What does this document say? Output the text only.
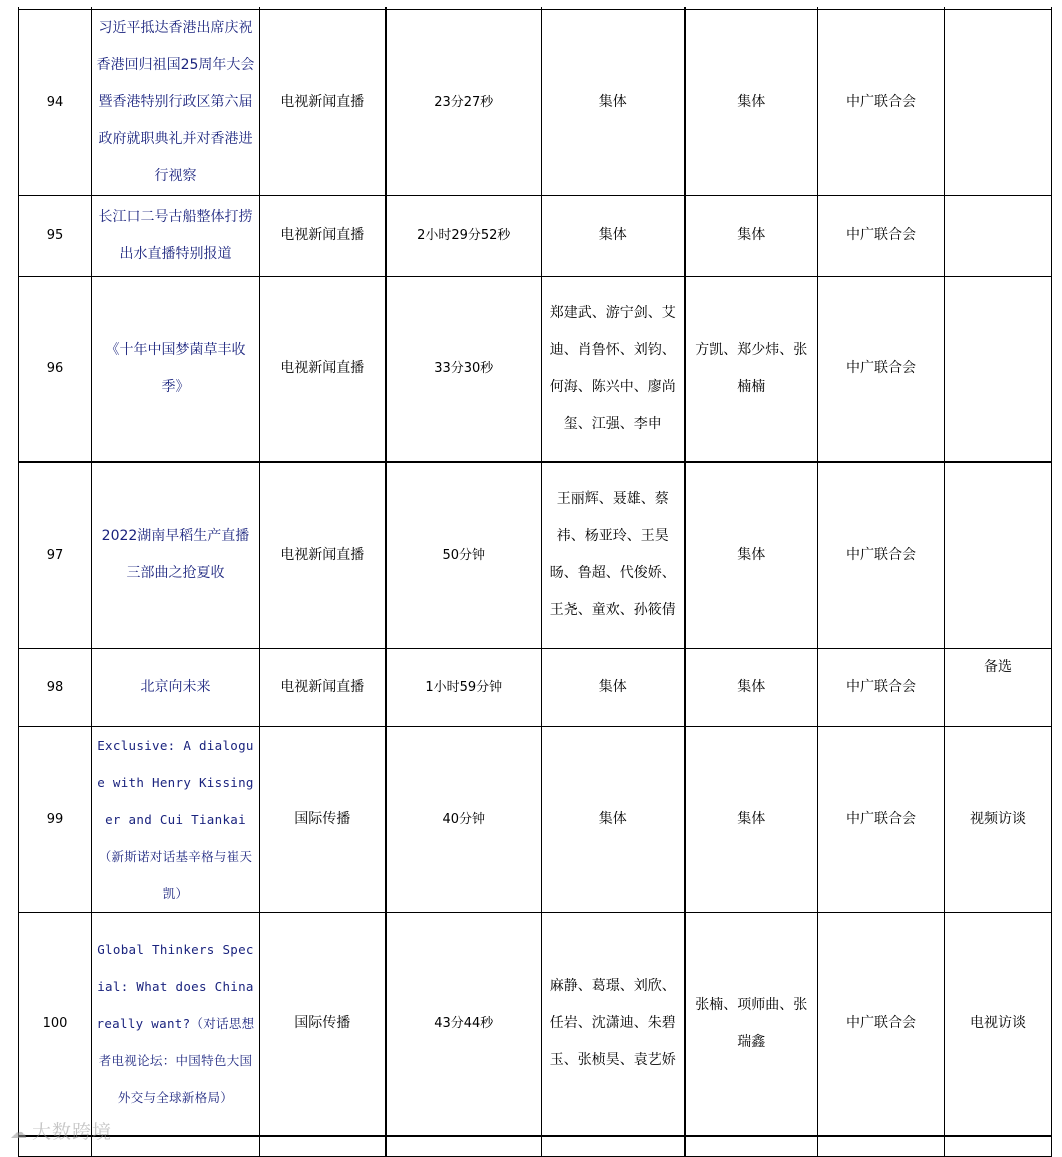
94	习近平抵达香港出席庆祝香港回归祖国25周年大会暨香港特别行政区第六届政府就职典礼并对香港进行视察	电视新闻直播	23分27秒	集体	集体	中广联合会	
95	长江口二号古船整体打捞出水直播特别报道	电视新闻直播	2小时29分52秒	集体	集体	中广联合会	
96	《十年中国梦菌草丰收季》	电视新闻直播	33分30秒	郑建武、游宁剑、艾迪、肖鲁怀、刘钧、何海、陈兴中、廖尚玺、江强、李申	方凯、郑少炜、张楠楠	中广联合会	
97	2022湖南早稻生产直播三部曲之抢夏收	电视新闻直播	50分钟	王丽辉、聂雄、蔡祎、杨亚玲、王昊旸、鲁超、代俊娇、王尧、童欢、孙筱倩	集体	中广联合会	
98	北京向未来	电视新闻直播	1小时59分钟	集体	集体	中广联合会	备选
99	Exclusive: A dialogue with Henry Kissinger and Cui Tiankai（新斯诺对话基辛格与崔天凯）	国际传播	40分钟	集体	集体	中广联合会	视频访谈
100	Global Thinkers Special: What does China really want?（对话思想者电视论坛：中国特色大国外交与全球新格局）	国际传播	43分44秒	麻静、葛璟、刘欣、任岩、沈潇迪、朱碧玉、张桢昊、袁艺娇	张楠、项师曲、张瑞鑫	中广联合会	电视访谈

☁ 大数跨境
